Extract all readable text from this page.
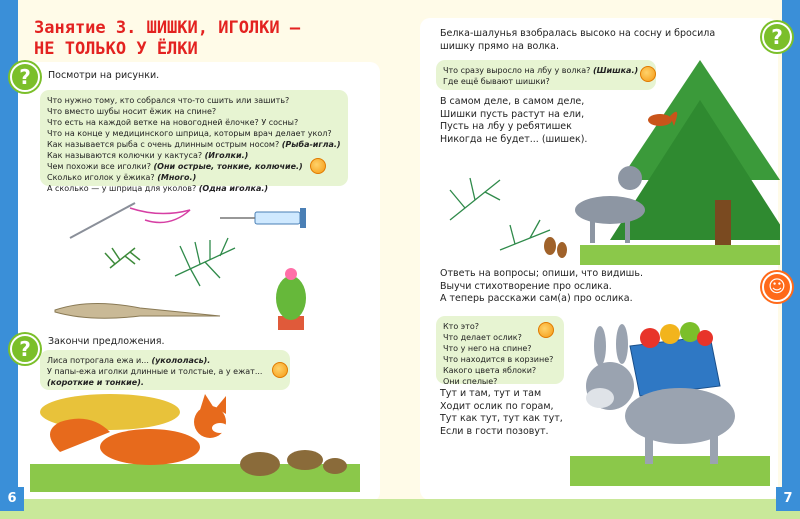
Занятие 3. ШИШКИ, ИГОЛКИ —
НЕ ТОЛЬКО У ЁЛКИ
?	Посмотри на рисунки.
Что нужно тому, кто собрался что-то сшить или зашить?
Что вместо шубы носит ёжик на спине?
Что есть на каждой ветке на новогодней ёлочке? У сосны?
Что на конце у медицинского шприца, которым врач делает укол?
Как называется рыба с очень длинным острым носом? (Рыба-игла.)
Как называются колючки у кактуса? (Иголки.)
Чем похожи все иголки? (Они острые, тонкие, колючие.)
Сколько иголок у ёжика? (Много.)
А сколько — у шприца для уколов? (Одна иголка.)
Закончи предложения.
?	Лиса потрогала ежа и... (укололась).
У папы-ежа иголки длинные и толстые, а у ежат...
(короткие и тонкие).
6
Белка-шалунья взобралась высоко на сосну и бросила шишку прямо на волка.	?
Что сразу выросло на лбу у волка? (Шишка.)
Где ещё бывают шишки?
В самом деле, в самом деле,
Шишки пусть растут на ели,
Пусть на лбу у ребятишек
Никогда не будет... (шишек).
Ответь на вопросы; опиши, что видишь.
Выучи стихотворение про ослика.
А теперь расскажи сам(а) про ослика.
☺
Кто это?
Что делает ослик?
Что у него на спине?
Что находится в корзине?
Какого цвета яблоки?
Они спелые?
Тут и там, тут и там
Ходит ослик по горам,
Тут как тут, тут как тут,
Если в гости позовут.
7
